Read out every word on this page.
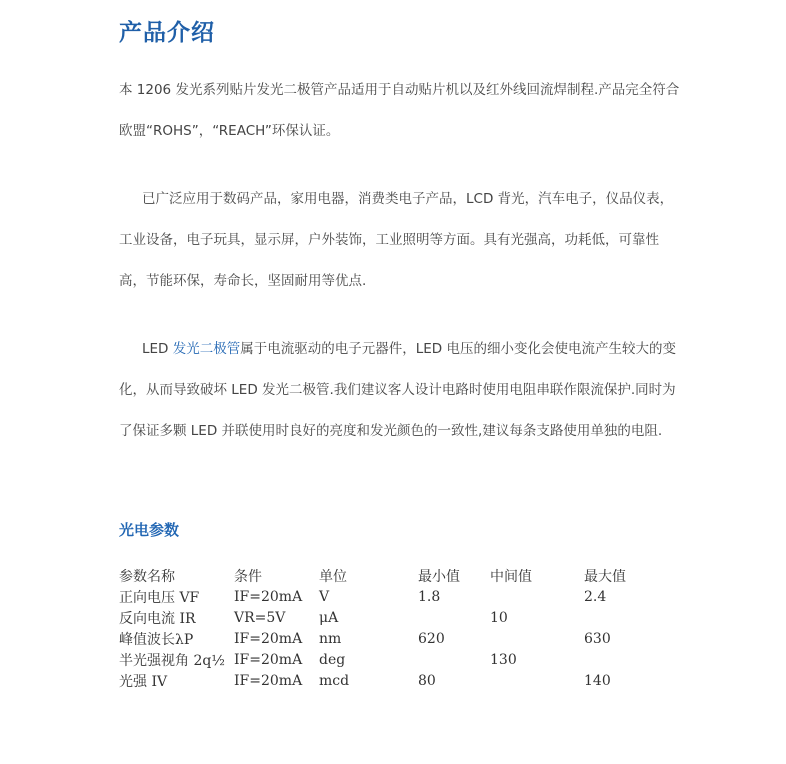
产品介绍
本 1206 发光系列贴片发光二极管产品适用于自动贴片机以及红外线回流焊制程.产品完全符合欧盟“ROHS”，“REACH”环保认证。
已广泛应用于数码产品，家用电器，消费类电子产品，LCD 背光，汽车电子，仪品仪表，工业设备，电子玩具，显示屏，户外装饰，工业照明等方面。具有光强高，功耗低，可靠性高，节能环保，寿命长，坚固耐用等优点.
LED 发光二极管属于电流驱动的电子元器件，LED 电压的细小变化会使电流产生较大的变化，从而导致破坏 LED 发光二极管.我们建议客人设计电路时使用电阻串联作限流保护.同时为了保证多颗 LED 并联使用时良好的亮度和发光颜色的一致性,建议每条支路使用单独的电阻.
光电参数
参数名称	条件	单位	最小值	中间值	最大值
正向电压 VF	IF=20mA	V	1.8		2.4
反向电流 IR	VR=5V	μA		10	
峰值波长λP	IF=20mA	nm	620		630
半光强视角 2q½	IF=20mA	deg		130	
光强 IV	IF=20mA	mcd	80		140
